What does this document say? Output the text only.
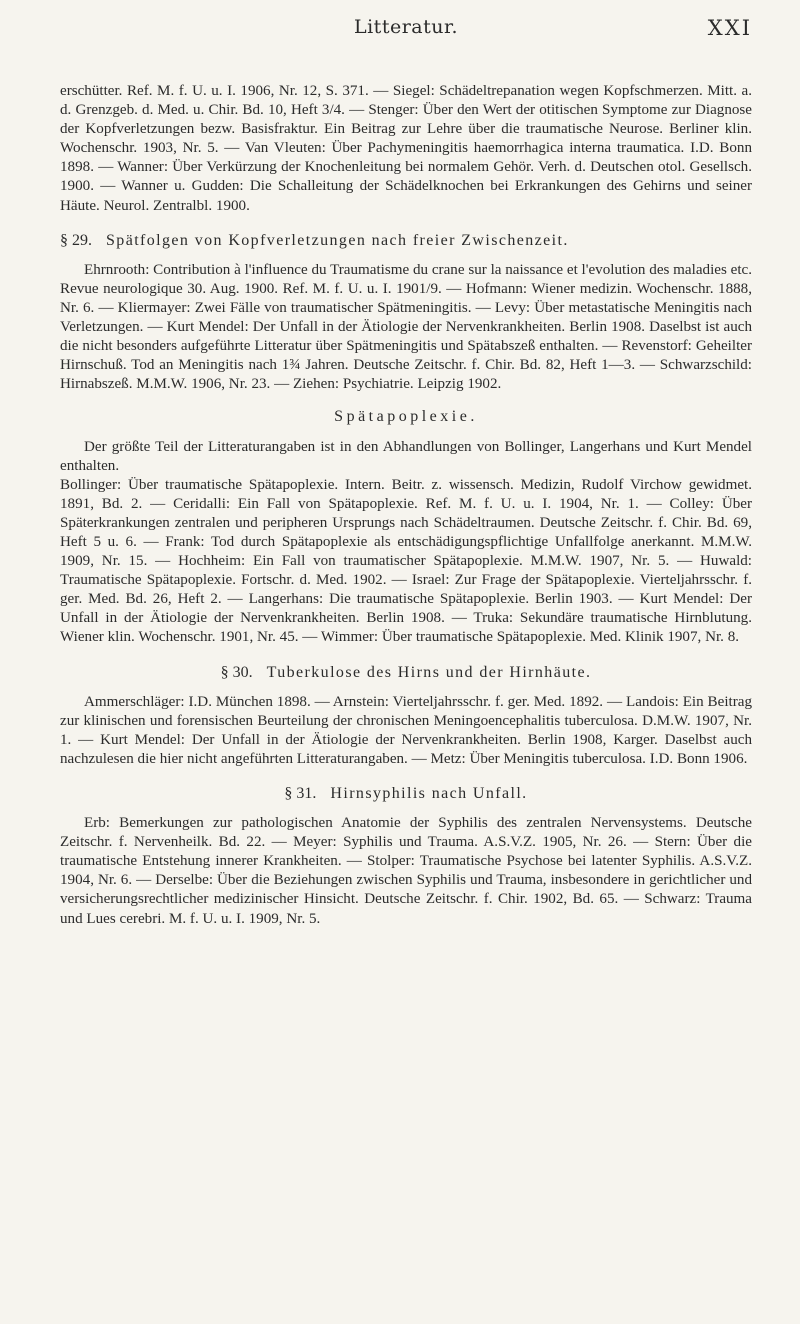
Litteratur.	XXI

erschütter. Ref. M. f. U. u. I. 1906, Nr. 12, S. 371. — Siegel: Schädeltrepanation wegen Kopfschmerzen. Mitt. a. d. Grenzgeb. d. Med. u. Chir. Bd. 10, Heft 3/4. — Stenger: Über den Wert der otitischen Symptome zur Diagnose der Kopfverletzungen bezw. Basisfraktur. Ein Beitrag zur Lehre über die traumatische Neurose. Berliner klin. Wochenschr. 1903, Nr. 5. — Van Vleuten: Über Pachymeningitis haemorrhagica interna traumatica. I.D. Bonn 1898. — Wanner: Über Verkürzung der Knochenleitung bei normalem Gehör. Verh. d. Deutschen otol. Gesellsch. 1900. — Wanner u. Gudden: Die Schalleitung der Schädelknochen bei Erkrankungen des Gehirns und seiner Häute. Neurol. Zentralbl. 1900.

§ 29. Spätfolgen von Kopfverletzungen nach freier Zwischenzeit.

Ehrnrooth: Contribution à l'influence du Traumatisme du crane sur la naissance et l'evolution des maladies etc. Revue neurologique 30. Aug. 1900. Ref. M. f. U. u. I. 1901/9. — Hofmann: Wiener medizin. Wochenschr. 1888, Nr. 6. — Kliermayer: Zwei Fälle von traumatischer Spätmeningitis. — Levy: Über metastatische Meningitis nach Verletzungen. — Kurt Mendel: Der Unfall in der Ätiologie der Nervenkrankheiten. Berlin 1908. Daselbst ist auch die nicht besonders aufgeführte Litteratur über Spätmeningitis und Spätabszeß enthalten. — Revenstorf: Geheilter Hirnschuß. Tod an Meningitis nach 1¾ Jahren. Deutsche Zeitschr. f. Chir. Bd. 82, Heft 1—3. — Schwarzschild: Hirnabszeß. M.M.W. 1906, Nr. 23. — Ziehen: Psychiatrie. Leipzig 1902.

Spätapoplexie.

Der größte Teil der Litteraturangaben ist in den Abhandlungen von Bollinger, Langerhans und Kurt Mendel enthalten.

Bollinger: Über traumatische Spätapoplexie. Intern. Beitr. z. wissensch. Medizin, Rudolf Virchow gewidmet. 1891, Bd. 2. — Ceridalli: Ein Fall von Spätapoplexie. Ref. M. f. U. u. I. 1904, Nr. 1. — Colley: Über Späterkrankungen zentralen und peripheren Ursprungs nach Schädeltraumen. Deutsche Zeitschr. f. Chir. Bd. 69, Heft 5 u. 6. — Frank: Tod durch Spätapoplexie als entschädigungspflichtige Unfallfolge anerkannt. M.M.W. 1909, Nr. 15. — Hochheim: Ein Fall von traumatischer Spätapoplexie. M.M.W. 1907, Nr. 5. — Huwald: Traumatische Spätapoplexie. Fortschr. d. Med. 1902. — Israel: Zur Frage der Spätapoplexie. Vierteljahrsschr. f. ger. Med. Bd. 26, Heft 2. — Langerhans: Die traumatische Spätapoplexie. Berlin 1903. — Kurt Mendel: Der Unfall in der Ätiologie der Nervenkrankheiten. Berlin 1908. — Truka: Sekundäre traumatische Hirnblutung. Wiener klin. Wochenschr. 1901, Nr. 45. — Wimmer: Über traumatische Spätapoplexie. Med. Klinik 1907, Nr. 8.

§ 30. Tuberkulose des Hirns und der Hirnhäute.

Ammerschläger: I.D. München 1898. — Arnstein: Vierteljahrsschr. f. ger. Med. 1892. — Landois: Ein Beitrag zur klinischen und forensischen Beurteilung der chronischen Meningoencephalitis tuberculosa. D.M.W. 1907, Nr. 1. — Kurt Mendel: Der Unfall in der Ätiologie der Nervenkrankheiten. Berlin 1908, Karger. Daselbst auch nachzulesen die hier nicht angeführten Litteraturangaben. — Metz: Über Meningitis tuberculosa. I.D. Bonn 1906.

§ 31. Hirnsyphilis nach Unfall.

Erb: Bemerkungen zur pathologischen Anatomie der Syphilis des zentralen Nervensystems. Deutsche Zeitschr. f. Nervenheilk. Bd. 22. — Meyer: Syphilis und Trauma. A.S.V.Z. 1905, Nr. 26. — Stern: Über die traumatische Entstehung innerer Krankheiten. — Stolper: Traumatische Psychose bei latenter Syphilis. A.S.V.Z. 1904, Nr. 6. — Derselbe: Über die Beziehungen zwischen Syphilis und Trauma, insbesondere in gerichtlicher und versicherungsrechtlicher medizinischer Hinsicht. Deutsche Zeitschr. f. Chir. 1902, Bd. 65. — Schwarz: Trauma und Lues cerebri. M. f. U. u. I. 1909, Nr. 5.
